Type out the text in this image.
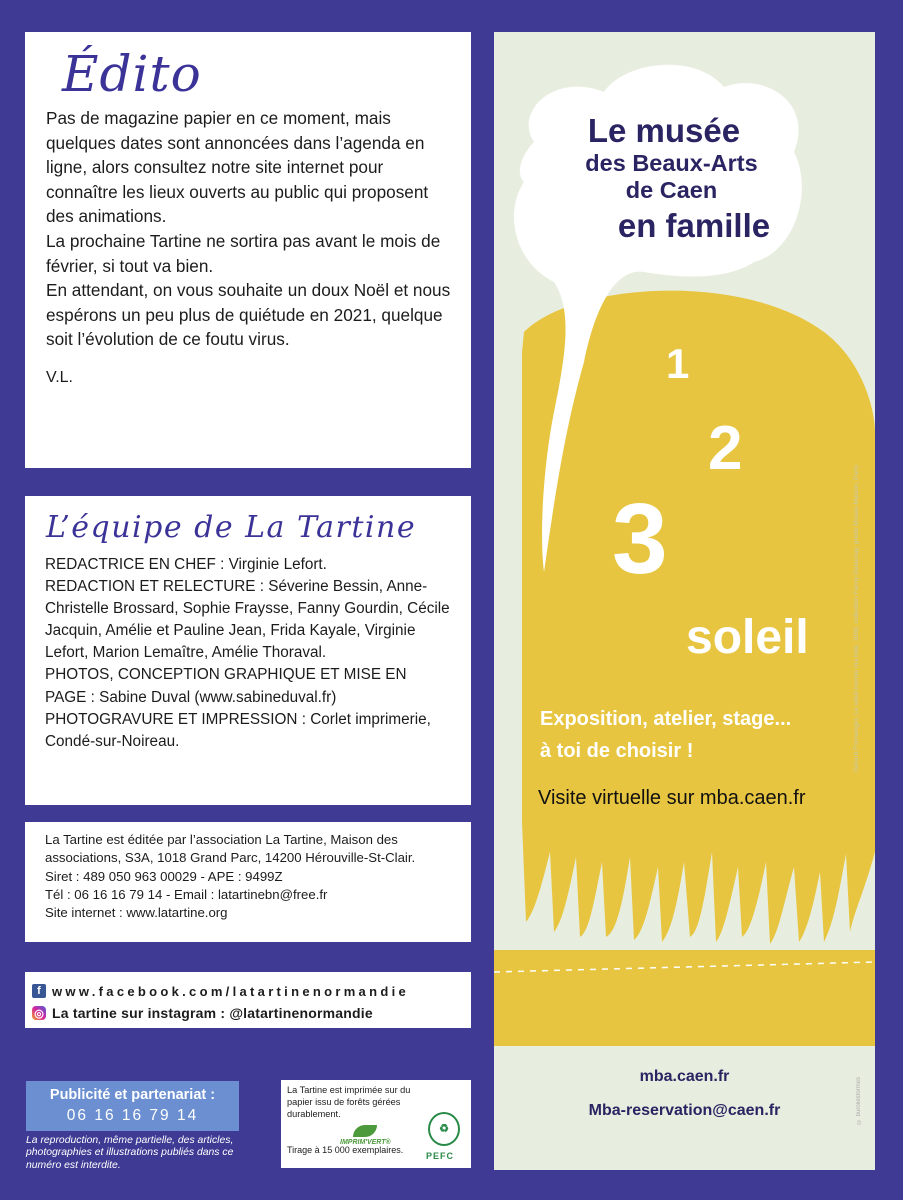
Édito

Pas de magazine papier en ce moment, mais quelques dates sont annoncées dans l’agenda en ligne, alors consultez notre site internet pour connaître les lieux ouverts au public qui proposent des animations.

La prochaine Tartine ne sortira pas avant le mois de février, si tout va bien.

En attendant, on vous souhaite un doux Noël et nous espérons un peu plus de quiétude en 2021, quelque soit l’évolution de ce foutu virus.

V.L.
L’équipe de La Tartine

REDACTRICE EN CHEF : Virginie Lefort.

REDACTION ET RELECTURE : Séverine Bessin, Anne-Christelle Brossard, Sophie Fraysse, Fanny Gourdin, Cécile Jacquin, Amélie et Pauline Jean, Frida Kayale, Virginie Lefort, Marion Lemaître, Amélie Thoraval.

PHOTOS, CONCEPTION GRAPHIQUE ET MISE EN PAGE : Sabine Duval (www.sabineduval.fr)

PHOTOGRAVURE ET IMPRESSION : Corlet imprimerie, Condé-sur-Noireau.

La Tartine est éditée par l’association La Tartine, Maison des
associations, S3A, 1018 Grand Parc, 14200 Hérouville-St-Clair.
Siret : 489 050 963 00029 - APE : 9499Z
Tél : 06 16 16 79 14 - Email : latartinebn@free.fr
Site internet : www.latartine.org
f www.facebook.com/latartinenormandie
◎ La tartine sur instagram : @latartinenormandie
Publicité et partenariat :
06 16 16 79 14
La reproduction, même partielle, des articles, photographies et illustrations publiés dans ce numéro est interdite.
La Tartine est imprimée sur du papier issu de forêts gérées durablement.
IMPRIM'VERT®
Tirage à 15 000 exemplaires.
♻
PEFC
Le musée
des Beaux-Arts
de Caen
en famille
1
2
3
soleil
Exposition, atelier, stage...
à toi de choisir !
Visite virtuelle sur mba.caen.fr
mba.caen.fr
Mba-reservation@caen.fr
Gérard Fromanger, Le soleil inonde ma toile, 1966, collection Fanny Delaunay, photo Musée-Maison, Paris
© buroliestormes
